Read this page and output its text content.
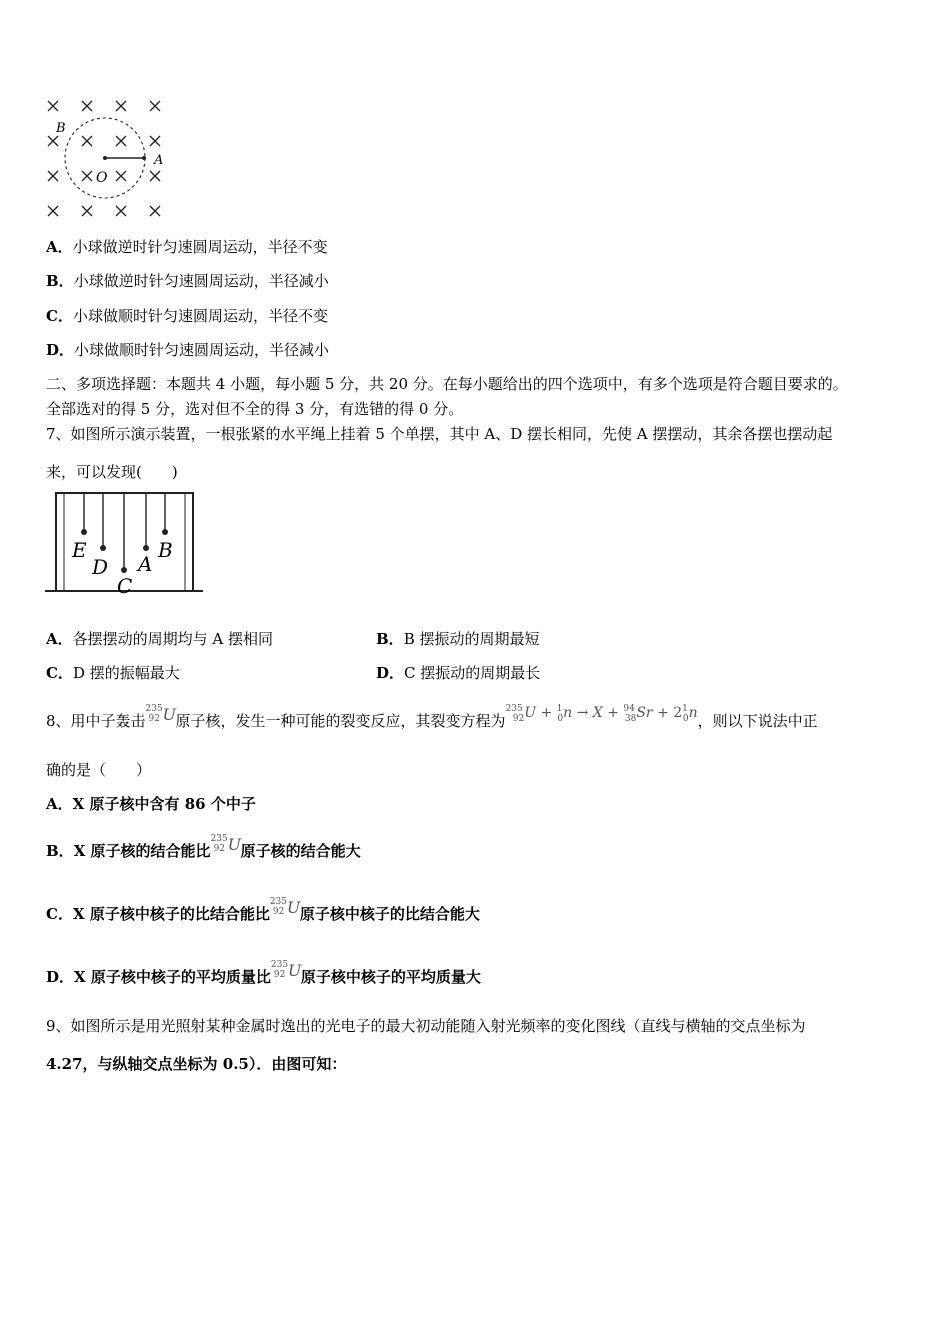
B
O
A
A．小球做逆时针匀速圆周运动，半径不变
B．小球做逆时针匀速圆周运动，半径减小
C．小球做顺时针匀速圆周运动，半径不变
D．小球做顺时针匀速圆周运动，半径减小
二、多项选择题：本题共 4 小题，每小题 5 分，共 20 分。在每小题给出的四个选项中，有多个选项是符合题目要求的。
全部选对的得 5 分，选对但不全的得 3 分，有选错的得 0 分。
7、如图所示演示装置，一根张紧的水平绳上挂着 5 个单摆，其中 A、D 摆长相同，先使 A 摆摆动，其余各摆也摆动起
来，可以发现(　　)
E
D
C
A
B
A．各摆摆动的周期均与 A 摆相同	B．B 摆振动的周期最短
C．D 摆的振幅最大	D．C 摆振动的周期最长
8、用中子轰击
235
92 U 原子核，发生一种可能的裂变反应，其裂变方程为$^{235}_{92}U + ^1_0n \to X + ^{94}_{38}Sr + 2^1_0n$，则以下说法中正
确的是（　　）
A．X 原子核中含有 86 个中子
B．X 原子核的结合能比
235
92 U 原子核的结合能大
C．X 原子核中核子的比结合能比
235
92 U 原子核中核子的比结合能大
D．X 原子核中核子的平均质量比
235
92 U 原子核中核子的平均质量大
9、如图所示是用光照射某种金属时逸出的光电子的最大初动能随入射光频率的变化图线（直线与横轴的交点坐标为
4.27，与纵轴交点坐标为 0.5）．由图可知：
